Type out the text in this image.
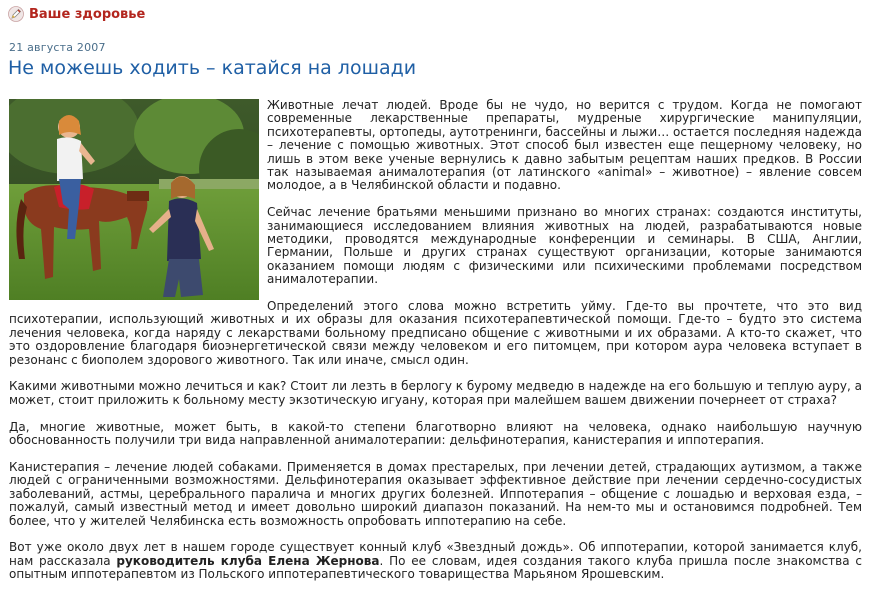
Ваше здоровье
21 августа 2007
Не можешь ходить – катайся на лошади

Животные лечат людей. Вроде бы не чудо, но верится с трудом. Когда не помогают современные лекарственные препараты, мудреные хирургические манипуляции, психотерапевты, ортопеды, аутотренинги, бассейны и лыжи… остается последняя надежда – лечение с помощью животных. Этот способ был известен еще пещерному человеку, но лишь в этом веке ученые вернулись к давно забытым рецептам наших предков. В России так называемая анималотерапия (от латинского «animal» – животное) – явление совсем молодое, а в Челябинской области и подавно.

Сейчас лечение братьями меньшими признано во многих странах: создаются институты, занимающиеся исследованием влияния животных на людей, разрабатываются новые методики, проводятся международные конференции и семинары. В США, Англии, Германии, Польше и других странах существуют организации, которые занимаются оказанием помощи людям с физическими или психическими проблемами посредством анималотерапии.

Определений этого слова можно встретить уйму. Где-то вы прочтете, что это вид психотерапии, использующий животных и их образы для оказания психотерапевтической помощи. Где-то – будто это система лечения человека, когда наряду с лекарствами больному предписано общение с животными и их образами. А кто-то скажет, что это оздоровление благодаря биоэнергетической связи между человеком и его питомцем, при котором аура человека вступает в резонанс с биополем здорового животного. Так или иначе, смысл один.

Какими животными можно лечиться и как? Стоит ли лезть в берлогу к бурому медведю в надежде на его большую и теплую ауру, а может, стоит приложить к больному месту экзотическую игуану, которая при малейшем вашем движении почернеет от страха?

Да, многие животные, может быть, в какой-то степени благотворно влияют на человека, однако наибольшую научную обоснованность получили три вида направленной анималотерапии: дельфинотерапия, канистерапия и иппотерапия.

Канистерапия – лечение людей собаками. Применяется в домах престарелых, при лечении детей, страдающих аутизмом, а также людей с ограниченными возможностями. Дельфинотерапия оказывает эффективное действие при лечении сердечно-сосудистых заболеваний, астмы, церебрального паралича и многих других болезней. Иппотерапия – общение с лошадью и верховая езда, – пожалуй, самый известный метод и имеет довольно широкий диапазон показаний. На нем-то мы и остановимся подробней. Тем более, что у жителей Челябинска есть возможность опробовать иппотерапию на себе.

Вот уже около двух лет в нашем городе существует конный клуб «Звездный дождь». Об иппотерапии, которой занимается клуб, нам рассказала руководитель клуба Елена Жернова. По ее словам, идея создания такого клуба пришла после знакомства с опытным иппотерапевтом из Польского иппотерапевтического товарищества Марьяном Ярошевским.
